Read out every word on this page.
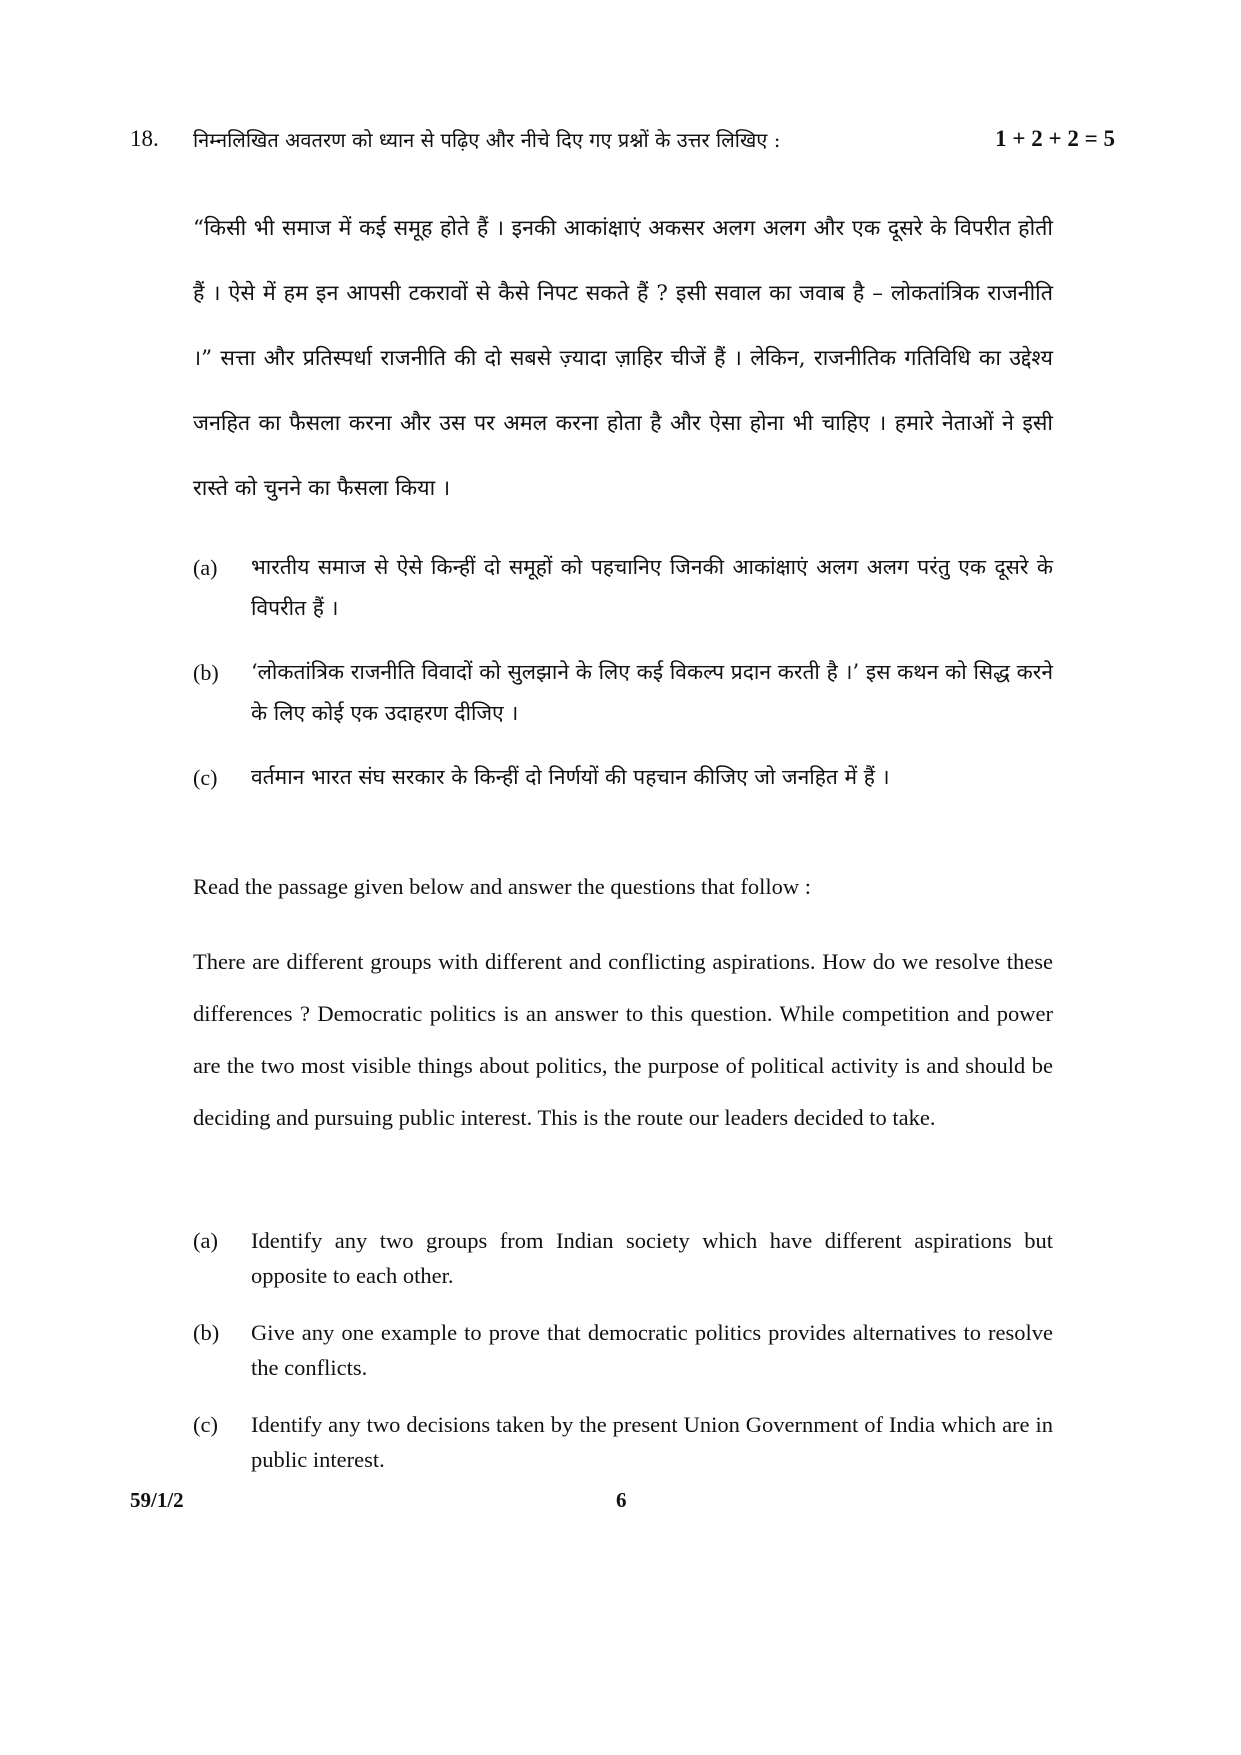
18. निम्नलिखित अवतरण को ध्यान से पढ़िए और नीचे दिए गए प्रश्नों के उत्तर लिखिए :	1 + 2 + 2 = 5

“किसी भी समाज में कई समूह होते हैं । इनकी आकांक्षाएं अकसर अलग अलग और एक दूसरे के विपरीत होती हैं । ऐसे में हम इन आपसी टकरावों से कैसे निपट सकते हैं ? इसी सवाल का जवाब है – लोकतांत्रिक राजनीति ।” सत्ता और प्रतिस्पर्धा राजनीति की दो सबसे ज़्यादा ज़ाहिर चीजें हैं । लेकिन, राजनीतिक गतिविधि का उद्देश्य जनहित का फैसला करना और उस पर अमल करना होता है और ऐसा होना भी चाहिए । हमारे नेताओं ने इसी रास्ते को चुनने का फैसला किया ।

(a) भारतीय समाज से ऐसे किन्हीं दो समूहों को पहचानिए जिनकी आकांक्षाएं अलग अलग परंतु एक दूसरे के विपरीत हैं ।
(b) ‘लोकतांत्रिक राजनीति विवादों को सुलझाने के लिए कई विकल्प प्रदान करती है ।’ इस कथन को सिद्ध करने के लिए कोई एक उदाहरण दीजिए ।
(c) वर्तमान भारत संघ सरकार के किन्हीं दो निर्णयों की पहचान कीजिए जो जनहित में हैं ।
Read the passage given below and answer the questions that follow :

There are different groups with different and conflicting aspirations. How do we resolve these differences ? Democratic politics is an answer to this question. While competition and power are the two most visible things about politics, the purpose of political activity is and should be deciding and pursuing public interest. This is the route our leaders decided to take.

(a) Identify any two groups from Indian society which have different aspirations but opposite to each other.
(b) Give any one example to prove that democratic politics provides alternatives to resolve the conflicts.
(c) Identify any two decisions taken by the present Union Government of India which are in public interest.
59/1/2	6
